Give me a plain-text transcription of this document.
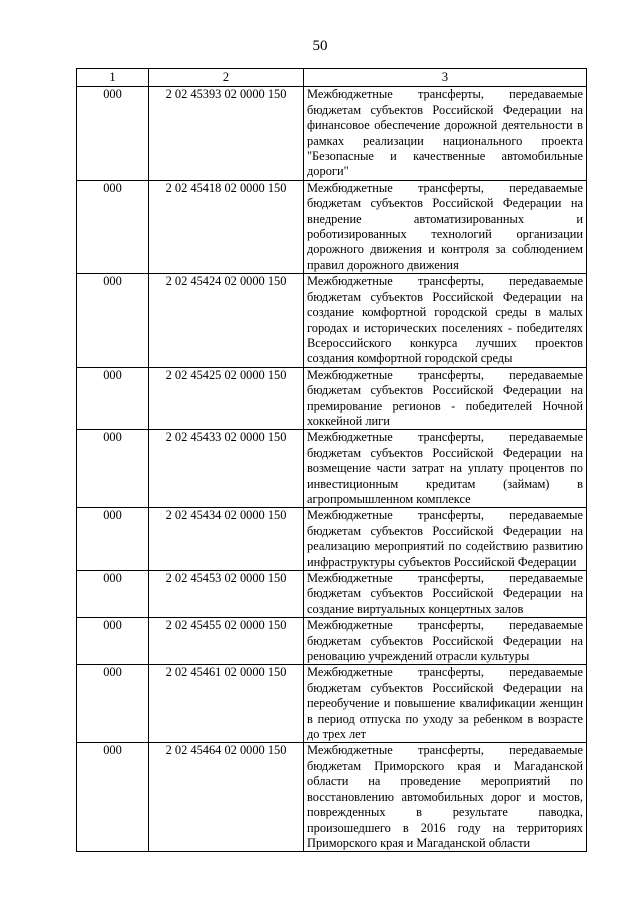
50
1	2	3
000	2 02 45393 02 0000 150	Межбюджетные трансферты, передаваемые бюджетам субъектов Российской Федерации на финансовое обеспечение дорожной деятельности в рамках реализации национального проекта "Безопасные и качественные автомобильные дороги"
000	2 02 45418 02 0000 150	Межбюджетные трансферты, передаваемые бюджетам субъектов Российской Федерации на внедрение автоматизированных и роботизированных технологий организации дорожного движения и контроля за соблюдением правил дорожного движения
000	2 02 45424 02 0000 150	Межбюджетные трансферты, передаваемые бюджетам субъектов Российской Федерации на создание комфортной городской среды в малых городах и исторических поселениях - победителях Всероссийского конкурса лучших проектов создания комфортной городской среды
000	2 02 45425 02 0000 150	Межбюджетные трансферты, передаваемые бюджетам субъектов Российской Федерации на премирование регионов - победителей Ночной хоккейной лиги
000	2 02 45433 02 0000 150	Межбюджетные трансферты, передаваемые бюджетам субъектов Российской Федерации на возмещение части затрат на уплату процентов по инвестиционным кредитам (займам) в агропромышленном комплексе
000	2 02 45434 02 0000 150	Межбюджетные трансферты, передаваемые бюджетам субъектов Российской Федерации на реализацию мероприятий по содействию развитию инфраструктуры субъектов Российской Федерации
000	2 02 45453 02 0000 150	Межбюджетные трансферты, передаваемые бюджетам субъектов Российской Федерации на создание виртуальных концертных залов
000	2 02 45455 02 0000 150	Межбюджетные трансферты, передаваемые бюджетам субъектов Российской Федерации на реновацию учреждений отрасли культуры
000	2 02 45461 02 0000 150	Межбюджетные трансферты, передаваемые бюджетам субъектов Российской Федерации на переобучение и повышение квалификации женщин в период отпуска по уходу за ребенком в возрасте до трех лет
000	2 02 45464 02 0000 150	Межбюджетные трансферты, передаваемые бюджетам Приморского края и Магаданской области на проведение мероприятий по восстановлению автомобильных дорог и мостов, поврежденных в результате паводка, произошедшего в 2016 году на территориях Приморского края и Магаданской области
